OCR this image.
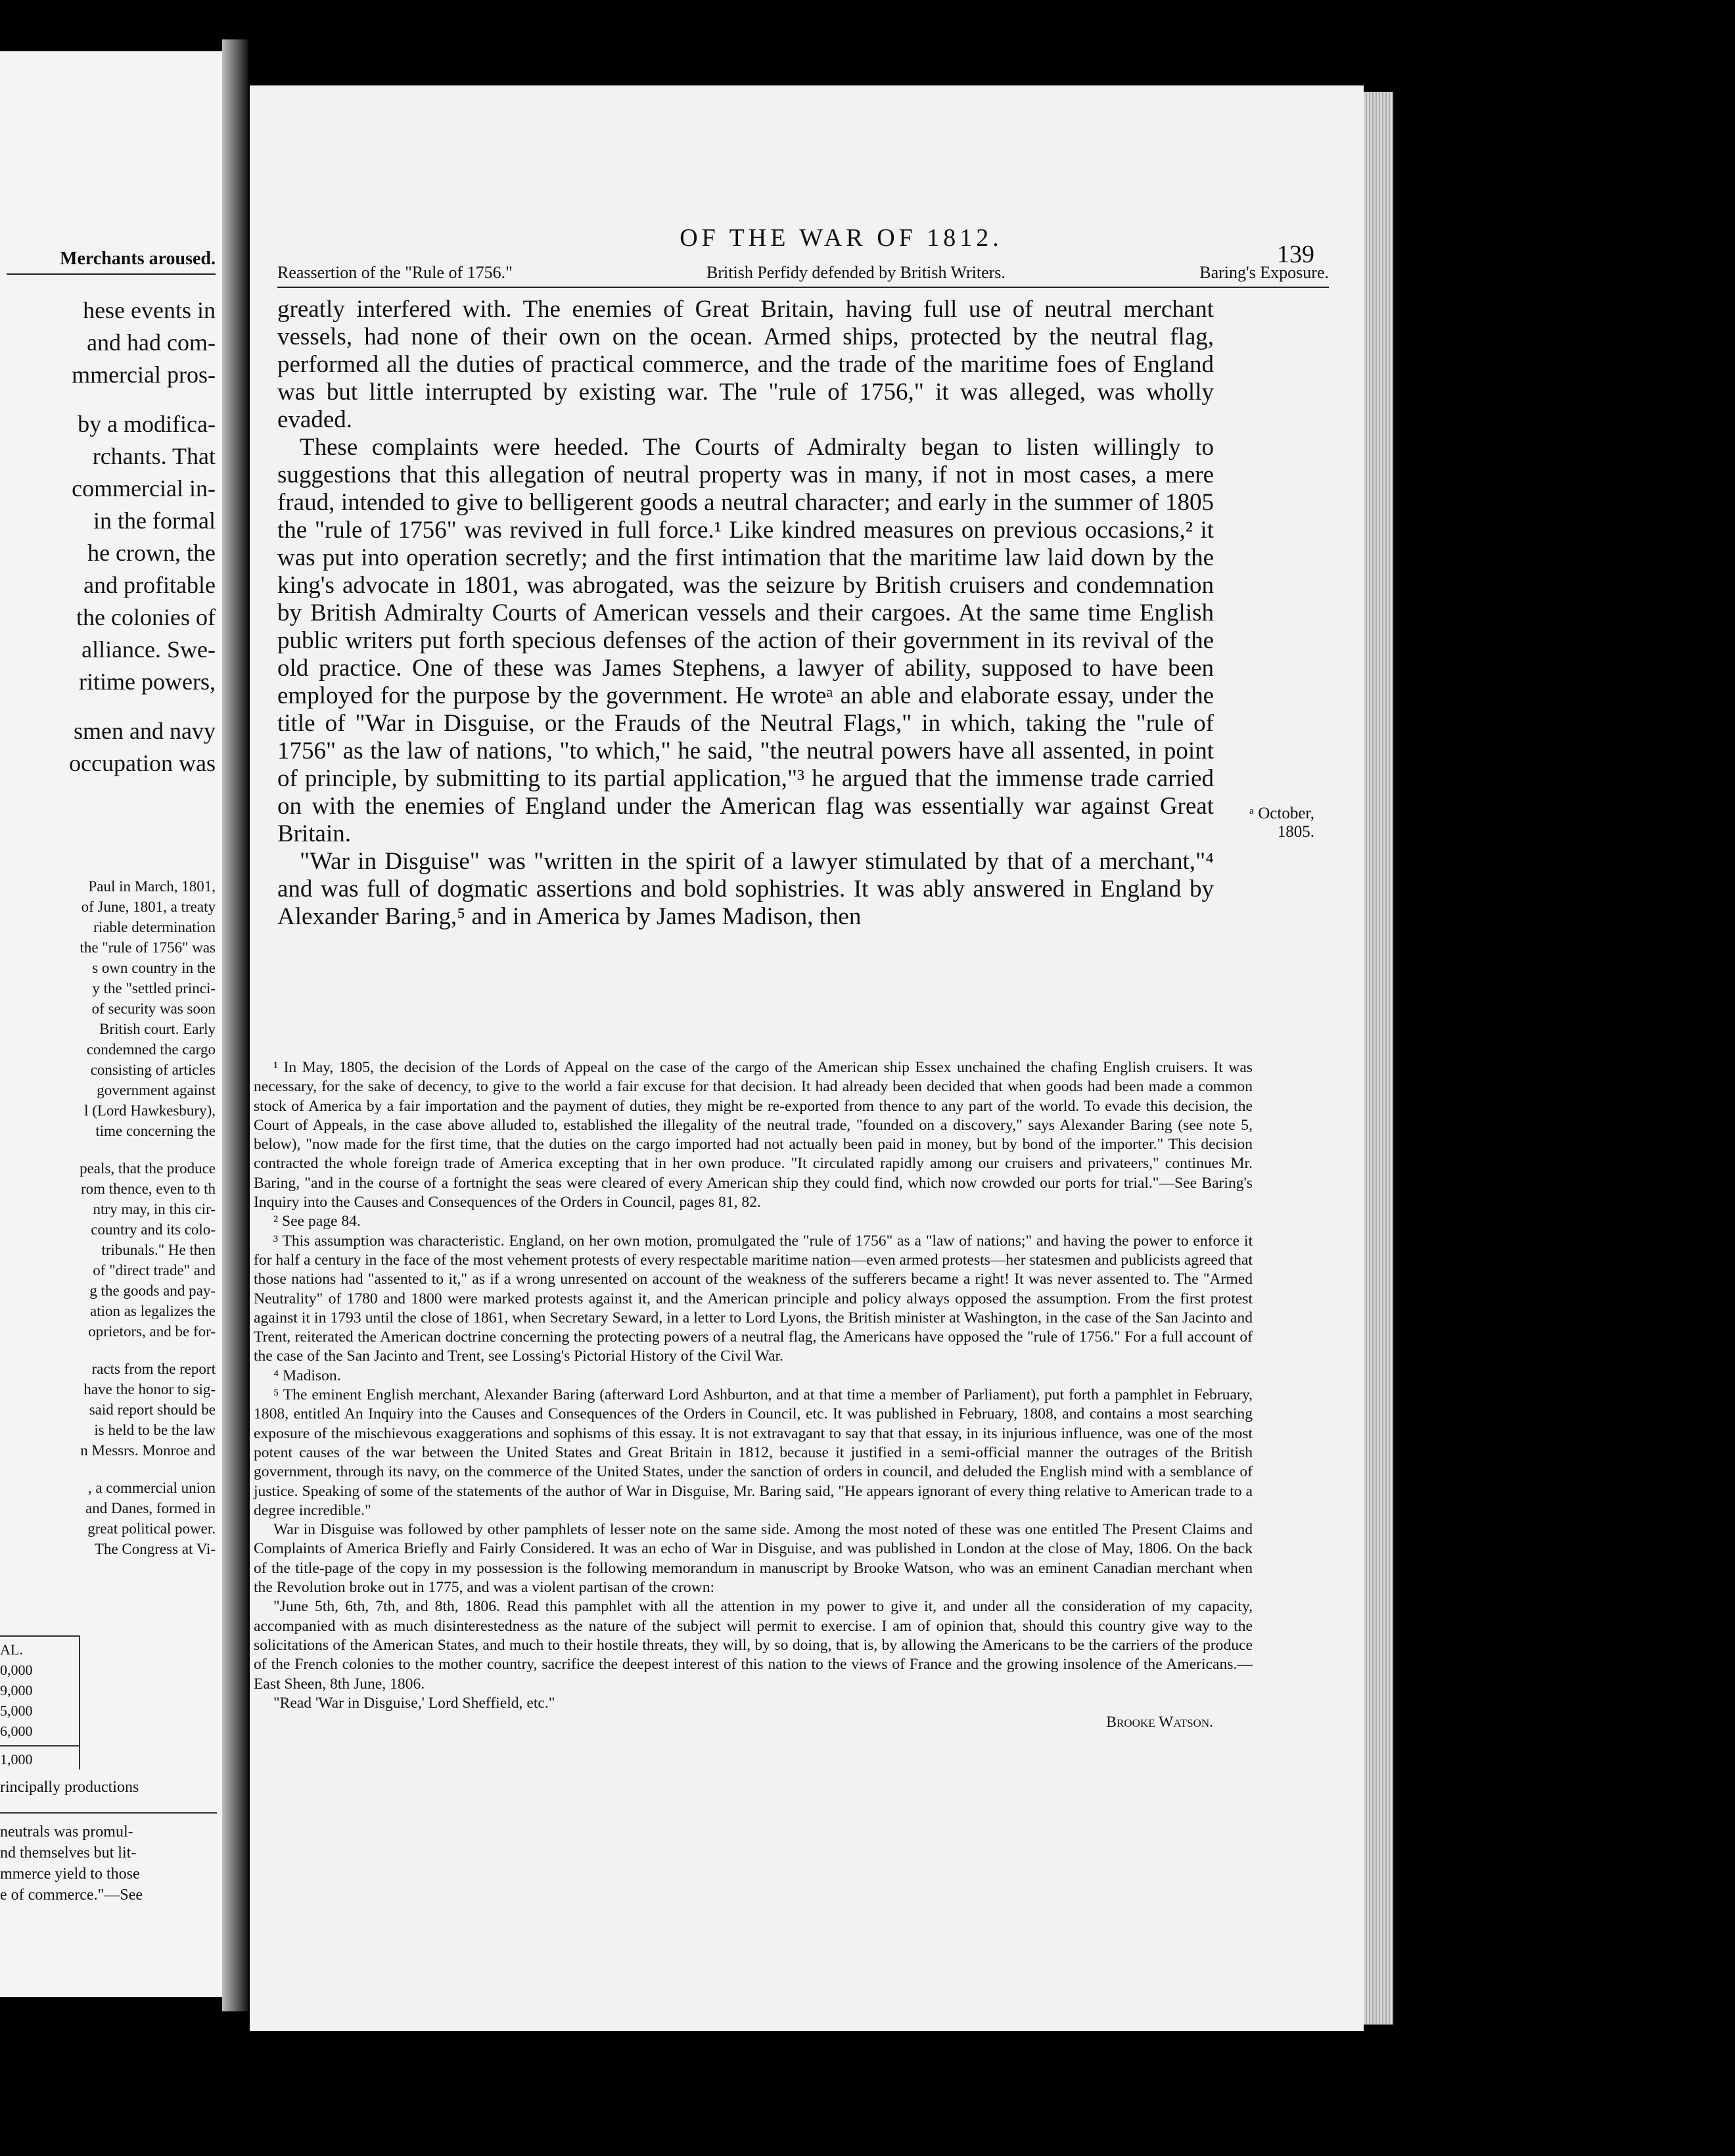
Merchants aroused.
hese events in
and had com-
mmercial pros-
by a modifica-
rchants. That
commercial in-
in the formal
he crown, the
and profitable
the colonies of
alliance. Swe-
ritime powers,
smen and navy
occupation was
Paul in March, 1801,
of June, 1801, a treaty
riable determination
the "rule of 1756" was
s own country in the
y the "settled princi-
of security was soon
British court. Early
condemned the cargo
consisting of articles
government against
l (Lord Hawkesbury),
time concerning the
peals, that the produce
rom thence, even to th
ntry may, in this cir-
country and its colo-
tribunals." He then
of "direct trade" and
g the goods and pay-
ation as legalizes the
oprietors, and be for-
racts from the report
have the honor to sig-
said report should be
is held to be the law
n Messrs. Monroe and
, a commercial union
and Danes, formed in
great political power.
The Congress at Vi-
AL.
0,000
9,000
5,000
6,000
1,000
rincipally productions
neutrals was promul-
nd themselves but lit-
mmerce yield to those
e of commerce."—See
OF THE WAR OF 1812.
139
Reassertion of the "Rule of 1756."	British Perfidy defended by British Writers.	Baring's Exposure.

greatly interfered with. The enemies of Great Britain, having full use of neutral merchant vessels, had none of their own on the ocean. Armed ships, protected by the neutral flag, performed all the duties of practical commerce, and the trade of the maritime foes of England was but little interrupted by existing war. The "rule of 1756," it was alleged, was wholly evaded.

These complaints were heeded. The Courts of Admiralty began to listen willingly to suggestions that this allegation of neutral property was in many, if not in most cases, a mere fraud, intended to give to belligerent goods a neutral character; and early in the summer of 1805 the "rule of 1756" was revived in full force.¹ Like kindred measures on previous occasions,² it was put into operation secretly; and the first intimation that the maritime law laid down by the king's advocate in 1801, was abrogated, was the seizure by British cruisers and condemnation by British Admiralty Courts of American vessels and their cargoes. At the same time English public writers put forth specious defenses of the action of their government in its revival of the old practice. One of these was James Stephens, a lawyer of ability, supposed to have been employed for the purpose by the government. He wroteᵃ an able and elaborate essay, under the title of "War in Disguise, or the Frauds of the Neutral Flags," in which, taking the "rule of 1756" as the law of nations, "to which," he said, "the neutral powers have all assented, in point of principle, by submitting to its partial application,"³ he argued that the immense trade carried on with the enemies of England under the American flag was essentially war against Great Britain.

"War in Disguise" was "written in the spirit of a lawyer stimulated by that of a merchant,"⁴ and was full of dogmatic assertions and bold sophistries. It was ably answered in England by Alexander Baring,⁵ and in America by James Madison, then

ᵃ October,
1805.

¹ In May, 1805, the decision of the Lords of Appeal on the case of the cargo of the American ship Essex unchained the chafing English cruisers. It was necessary, for the sake of decency, to give to the world a fair excuse for that decision. It had already been decided that when goods had been made a common stock of America by a fair importation and the payment of duties, they might be re-exported from thence to any part of the world. To evade this decision, the Court of Appeals, in the case above alluded to, established the illegality of the neutral trade, "founded on a discovery," says Alexander Baring (see note 5, below), "now made for the first time, that the duties on the cargo imported had not actually been paid in money, but by bond of the importer." This decision contracted the whole foreign trade of America excepting that in her own produce. "It circulated rapidly among our cruisers and privateers," continues Mr. Baring, "and in the course of a fortnight the seas were cleared of every American ship they could find, which now crowded our ports for trial."—See Baring's Inquiry into the Causes and Consequences of the Orders in Council, pages 81, 82.

² See page 84.

³ This assumption was characteristic. England, on her own motion, promulgated the "rule of 1756" as a "law of nations;" and having the power to enforce it for half a century in the face of the most vehement protests of every respectable maritime nation—even armed protests—her statesmen and publicists agreed that those nations had "assented to it," as if a wrong unresented on account of the weakness of the sufferers became a right! It was never assented to. The "Armed Neutrality" of 1780 and 1800 were marked protests against it, and the American principle and policy always opposed the assumption. From the first protest against it in 1793 until the close of 1861, when Secretary Seward, in a letter to Lord Lyons, the British minister at Washington, in the case of the San Jacinto and Trent, reiterated the American doctrine concerning the protecting powers of a neutral flag, the Americans have opposed the "rule of 1756." For a full account of the case of the San Jacinto and Trent, see Lossing's Pictorial History of the Civil War.

⁴ Madison.

⁵ The eminent English merchant, Alexander Baring (afterward Lord Ashburton, and at that time a member of Parliament), put forth a pamphlet in February, 1808, entitled An Inquiry into the Causes and Consequences of the Orders in Council, etc. It was published in February, 1808, and contains a most searching exposure of the mischievous exaggerations and sophisms of this essay. It is not extravagant to say that that essay, in its injurious influence, was one of the most potent causes of the war between the United States and Great Britain in 1812, because it justified in a semi-official manner the outrages of the British government, through its navy, on the commerce of the United States, under the sanction of orders in council, and deluded the English mind with a semblance of justice. Speaking of some of the statements of the author of War in Disguise, Mr. Baring said, "He appears ignorant of every thing relative to American trade to a degree incredible."

War in Disguise was followed by other pamphlets of lesser note on the same side. Among the most noted of these was one entitled The Present Claims and Complaints of America Briefly and Fairly Considered. It was an echo of War in Disguise, and was published in London at the close of May, 1806. On the back of the title-page of the copy in my possession is the following memorandum in manuscript by Brooke Watson, who was an eminent Canadian merchant when the Revolution broke out in 1775, and was a violent partisan of the crown:

"June 5th, 6th, 7th, and 8th, 1806. Read this pamphlet with all the attention in my power to give it, and under all the consideration of my capacity, accompanied with as much disinterestedness as the nature of the subject will permit to exercise. I am of opinion that, should this country give way to the solicitations of the American States, and much to their hostile threats, they will, by so doing, that is, by allowing the Americans to be the carriers of the produce of the French colonies to the mother country, sacrifice the deepest interest of this nation to the views of France and the growing insolence of the Americans.—East Sheen, 8th June, 1806.

"Read 'War in Disguise,' Lord Sheffield, etc."

Brooke Watson.
